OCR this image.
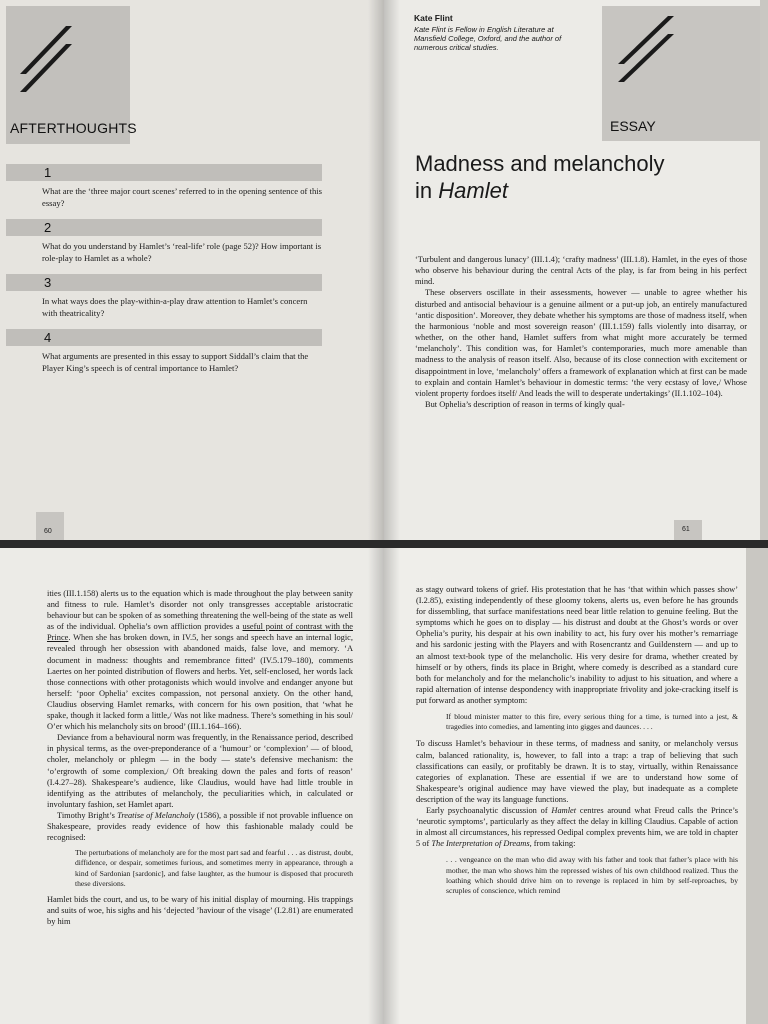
AFTERTHOUGHTS
1
What are the ‘three major court scenes’ referred to in the opening sentence of this essay?
2
What do you understand by Hamlet’s ‘real-life’ role (page 52)? How important is role-play to Hamlet as a whole?
3
In what ways does the play-within-a-play draw attention to Hamlet’s concern with theatricality?
4
What arguments are presented in this essay to support Siddall’s claim that the Player King’s speech is of central importance to Hamlet?
60
Kate Flint
Kate Flint is Fellow in English Literature at Mansfield College, Oxford, and the author of numerous critical studies.
ESSAY
Madness and melancholy
in Hamlet

‘Turbulent and dangerous lunacy’ (III.1.4); ‘crafty madness’ (III.1.8). Hamlet, in the eyes of those who observe his behaviour during the central Acts of the play, is far from being in his perfect mind.

These observers oscillate in their assessments, however — unable to agree whether his disturbed and antisocial behaviour is a genuine ailment or a put-up job, an entirely manufactured ‘antic disposition’. Moreover, they debate whether his symptoms are those of madness itself, when the harmonious ‘noble and most sovereign reason’ (III.1.159) falls violently into disarray, or whether, on the other hand, Hamlet suffers from what might more accurately be termed ‘melancholy’. This condition was, for Hamlet’s contemporaries, much more amenable than madness to the analysis of reason itself. Also, because of its close connection with excitement or disappointment in love, ‘melancholy’ offers a framework of explanation which at first can be made to explain and contain Hamlet’s behaviour in domestic terms: ‘the very ecstasy of love,/ Whose violent property fordoes itself/ And leads the will to desperate undertakings’ (II.1.102–104).

But Ophelia’s description of reason in terms of kingly qual-

61

ities (III.1.158) alerts us to the equation which is made throughout the play between sanity and fitness to rule. Hamlet’s disorder not only transgresses acceptable aristocratic behaviour but can be spoken of as something threatening the well-being of the state as well as of the individual. Ophelia’s own affliction provides a useful point of contrast with the Prince. When she has broken down, in IV.5, her songs and speech have an internal logic, revealed through her obsession with abandoned maids, false love, and memory. ‘A document in madness: thoughts and remembrance fitted’ (IV.5.179–180), comments Laertes on her pointed distribution of flowers and herbs. Yet, self-enclosed, her words lack those connections with other protagonists which would involve and endanger anyone but herself: ‘poor Ophelia’ excites compassion, not personal anxiety. On the other hand, Claudius observing Hamlet remarks, with concern for his own position, that ‘what he spake, though it lacked form a little,/ Was not like madness. There’s something in his soul/ O’er which his melancholy sits on brood’ (III.1.164–166).

Deviance from a behavioural norm was frequently, in the Renaissance period, described in physical terms, as the over-preponderance of a ‘humour’ or ‘complexion’ — of blood, choler, melancholy or phlegm — in the body — state’s defensive mechanism: the ‘o’ergrowth of some complexion,/ Oft breaking down the pales and forts of reason’ (I.4.27–28). Shakespeare’s audience, like Claudius, would have had little trouble in identifying as the attributes of melancholy, the peculiarities which, in calculated or involuntary fashion, set Hamlet apart.

Timothy Bright’s Treatise of Melancholy (1586), a possible if not provable influence on Shakespeare, provides ready evidence of how this fashionable malady could be recognised:

The perturbations of melancholy are for the most part sad and fearful . . . as distrust, doubt, diffidence, or despair, sometimes furious, and sometimes merry in appearance, through a kind of Sardonian [sardonic], and false laughter, as the humour is disposed that procureth these diversions.

Hamlet bids the court, and us, to be wary of his initial display of mourning. His trappings and suits of woe, his sighs and his ‘dejected ’haviour of the visage’ (I.2.81) are enumerated by him

as stagy outward tokens of grief. His protestation that he has ‘that within which passes show’ (I.2.85), existing independently of these gloomy tokens, alerts us, even before he has grounds for dissembling, that surface manifestations need bear little relation to genuine feeling. But the symptoms which he goes on to display — his distrust and doubt at the Ghost’s words or over Ophelia’s purity, his despair at his own inability to act, his fury over his mother’s remarriage and his sardonic jesting with the Players and with Rosencrantz and Guildenstern — and up to an almost text-book type of the melancholic. His very desire for drama, whether created by himself or by others, finds its place in Bright, where comedy is described as a standard cure both for melancholy and for the melancholic’s inability to adjust to his situation, and where a rapid alternation of intense despondency with inappropriate frivolity and joke-cracking itself is put forward as another symptom:

If bloud minister matter to this fire, every serious thing for a time, is turned into a jest, & tragedies into comedies, and lamenting into gigges and daunces. . . .

To discuss Hamlet’s behaviour in these terms, of madness and sanity, or melancholy versus calm, balanced rationality, is, however, to fall into a trap: a trap of believing that such classifications can easily, or profitably be drawn. It is to stay, virtually, within Renaissance categories of explanation. These are essential if we are to understand how some of Shakespeare’s original audience may have viewed the play, but inadequate as a complete description of the way its language functions.

Early psychoanalytic discussion of Hamlet centres around what Freud calls the Prince’s ‘neurotic symptoms’, particularly as they affect the delay in killing Claudius. Capable of action in almost all circumstances, his repressed Oedipal complex prevents him, we are told in chapter 5 of The Interpretation of Dreams, from taking:

. . . vengeance on the man who did away with his father and took that father’s place with his mother, the man who shows him the repressed wishes of his own childhood realized. Thus the loathing which should drive him on to revenge is replaced in him by self-reproaches, by scruples of conscience, which remind
